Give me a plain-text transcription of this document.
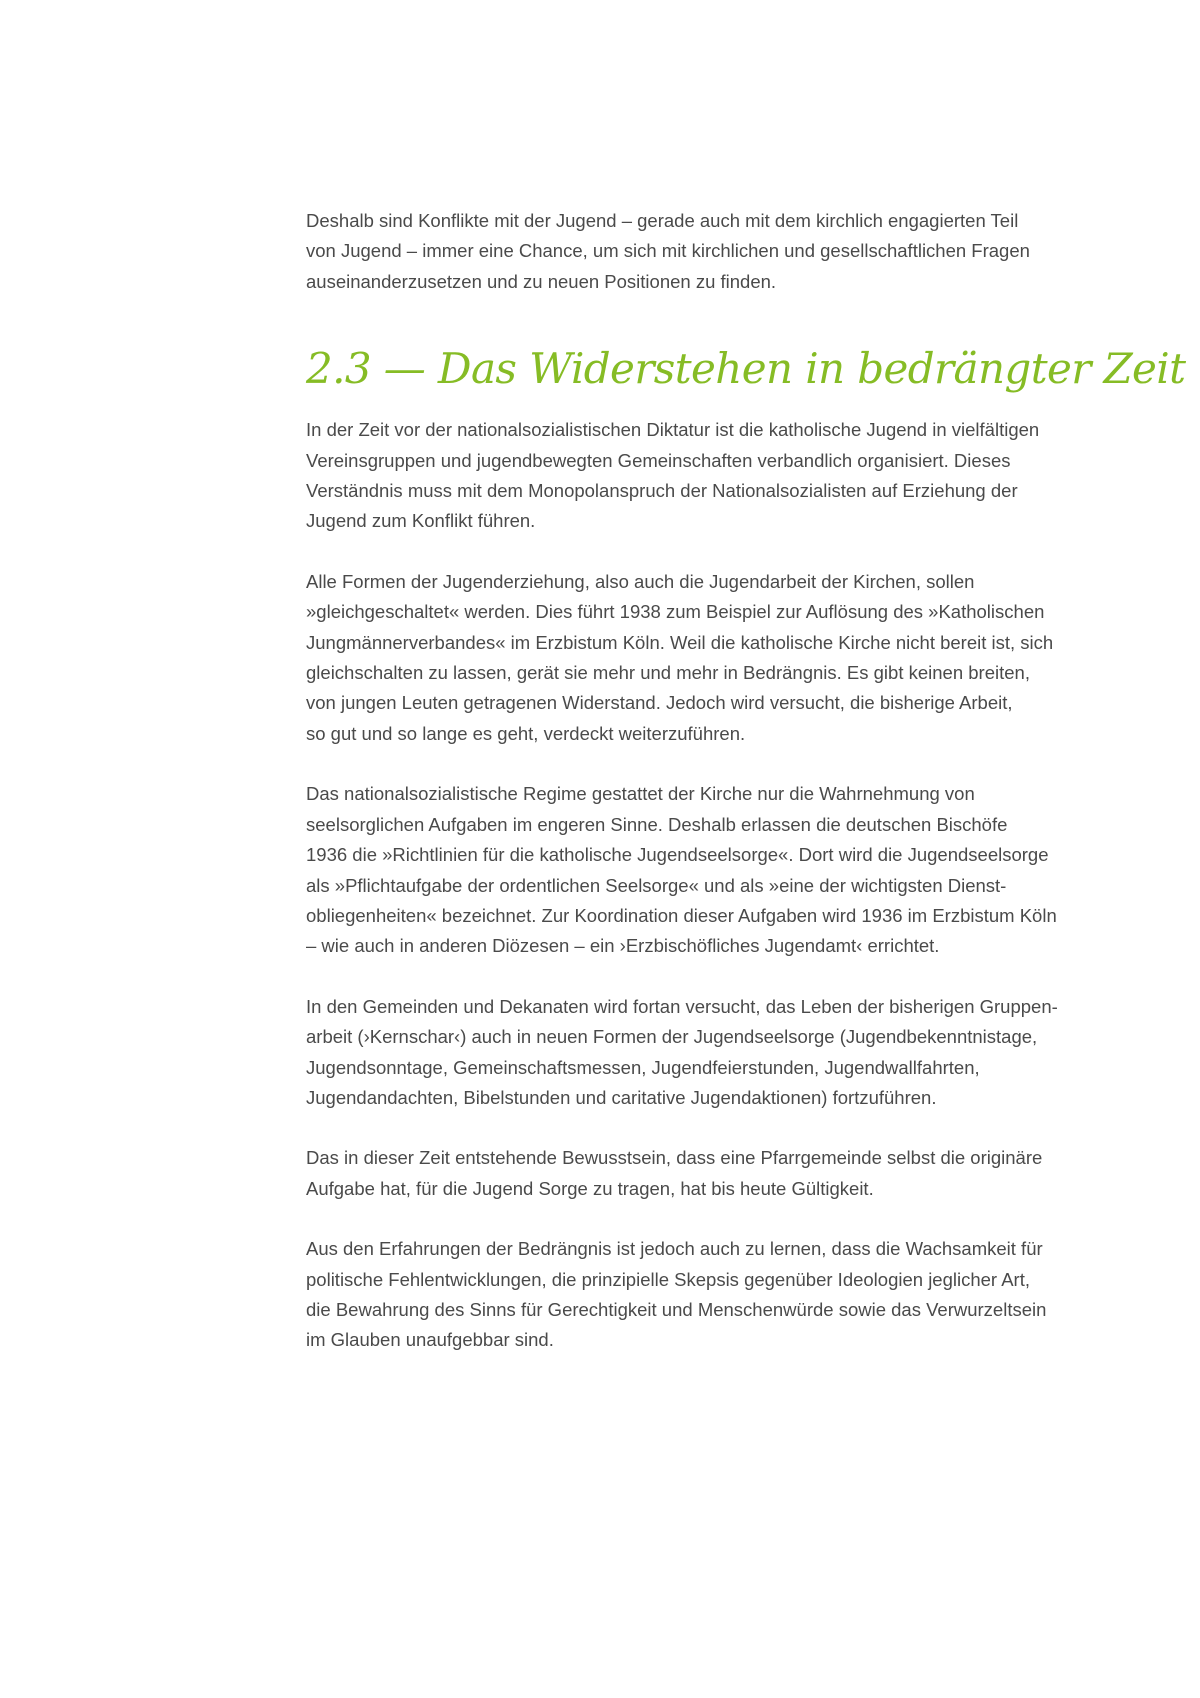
Deshalb sind Konflikte mit der Jugend – gerade auch mit dem kirchlich engagierten Teil
von Jugend – immer eine Chance, um sich mit kirchlichen und gesellschaftlichen Fragen
auseinanderzusetzen und zu neuen Positionen zu finden.

2.3 — Das Widerstehen in bedrängter Zeit

In der Zeit vor der nationalsozialistischen Diktatur ist die katholische Jugend in vielfältigen
Vereinsgruppen und jugendbewegten Gemeinschaften verbandlich organisiert. Dieses
Verständnis muss mit dem Monopolanspruch der Nationalsozialisten auf Erziehung der
Jugend zum Konflikt führen.

Alle Formen der Jugenderziehung, also auch die Jugendarbeit der Kirchen, sollen
»gleichgeschaltet« werden. Dies führt 1938 zum Beispiel zur Auflösung des »Katholischen
Jungmännerverbandes« im Erzbistum Köln. Weil die katholische Kirche nicht bereit ist, sich
gleichschalten zu lassen, gerät sie mehr und mehr in Bedrängnis. Es gibt keinen breiten,
von jungen Leuten getragenen Widerstand. Jedoch wird versucht, die bisherige Arbeit,
so gut und so lange es geht, verdeckt weiterzuführen.

Das nationalsozialistische Regime gestattet der Kirche nur die Wahrnehmung von
seelsorglichen Aufgaben im engeren Sinne. Deshalb erlassen die deutschen Bischöfe
1936 die »Richtlinien für die katholische Jugendseelsorge«. Dort wird die Jugendseelsorge
als »Pflichtaufgabe der ordentlichen Seelsorge« und als »eine der wichtigsten Dienst-
obliegenheiten« bezeichnet. Zur Koordination dieser Aufgaben wird 1936 im Erzbistum Köln
– wie auch in anderen Diözesen – ein ›Erzbischöfliches Jugendamt‹ errichtet.

In den Gemeinden und Dekanaten wird fortan versucht, das Leben der bisherigen Gruppen-
arbeit (›Kernschar‹) auch in neuen Formen der Jugendseelsorge (Jugendbekenntnistage,
Jugendsonntage, Gemeinschaftsmessen, Jugendfeierstunden, Jugendwallfahrten,
Jugendandachten, Bibelstunden und caritative Jugendaktionen) fortzuführen.

Das in dieser Zeit entstehende Bewusstsein, dass eine Pfarrgemeinde selbst die originäre
Aufgabe hat, für die Jugend Sorge zu tragen, hat bis heute Gültigkeit.

Aus den Erfahrungen der Bedrängnis ist jedoch auch zu lernen, dass die Wachsamkeit für
politische Fehlentwicklungen, die prinzipielle Skepsis gegenüber Ideologien jeglicher Art,
die Bewahrung des Sinns für Gerechtigkeit und Menschenwürde sowie das Verwurzeltsein
im Glauben unaufgebbar sind.
